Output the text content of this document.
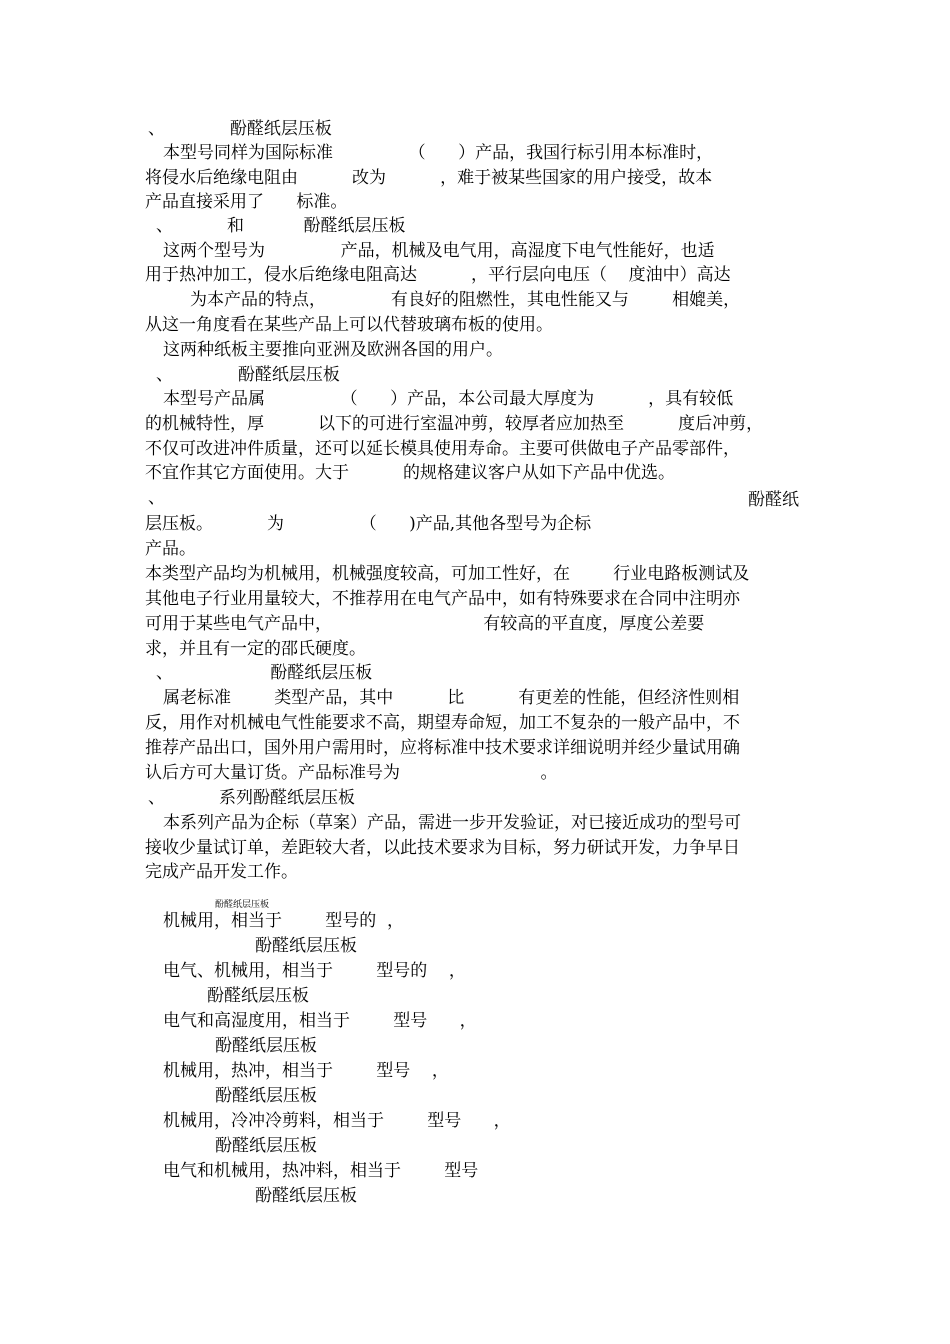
、            酚醛纸层压板
本型号同样为国际标准              （      ）产品，我国行标引用本标准时，
将侵水后绝缘电阻由          改为          ，难于被某些国家的用户接受，故本
产品直接采用了      标准。
、          和           酚醛纸层压板
这两个型号为              产品，机械及电气用，高湿度下电气性能好，也适
用于热冲加工，侵水后绝缘电阻高达          ，平行层向电压（    度油中）高达
为本产品的特点，            有良好的阻燃性，其电性能又与        相媲美，
从这一角度看在某些产品上可以代替玻璃布板的使用。
这两种纸板主要推向亚洲及欧洲各国的用户。
、            酚醛纸层压板
本型号产品属              （      ）产品，本公司最大厚度为          ，具有较低
的机械特性，厚          以下的可进行室温冲剪，较厚者应加热至          度后冲剪，
不仅可改进冲件质量，还可以延长模具使用寿命。主要可供做电子产品零部件，
不宜作其它方面使用。大于          的规格建议客户从如下产品中优选。
、	酚醛纸
层压板。          为              （      )产品,其他各型号为企标
产品。
本类型产品均为机械用，机械强度较高，可加工性好，在        行业电路板测试及
其他电子行业用量较大，不推荐用在电气产品中，如有特殊要求在合同中注明亦
可用于某些电气产品中，                            有较高的平直度，厚度公差要
求，并且有一定的邵氏硬度。
、                  酚醛纸层压板
属老标准        类型产品，其中          比          有更差的性能，但经济性则相
反，用作对机械电气性能要求不高，期望寿命短，加工不复杂的一般产品中，不
推荐产品出口，国外用户需用时，应将标准中技术要求详细说明并经少量试用确
认后方可大量订货。产品标准号为                          。
、          系列酚醛纸层压板
本系列产品为企标（草案）产品，需进一步开发验证，对已接近成功的型号可
接收少量试订单，差距较大者，以此技术要求为目标，努力研试开发，力争早日
完成产品开发工作。
酚醛纸层压板
机械用，相当于        型号的  ，
酚醛纸层压板
电气、机械用，相当于        型号的    ，
酚醛纸层压板
电气和高湿度用，相当于        型号      ，
酚醛纸层压板
机械用，热冲，相当于        型号    ，
酚醛纸层压板
机械用，冷冲冷剪料，相当于        型号      ，
酚醛纸层压板
电气和机械用，热冲料，相当于        型号
酚醛纸层压板
